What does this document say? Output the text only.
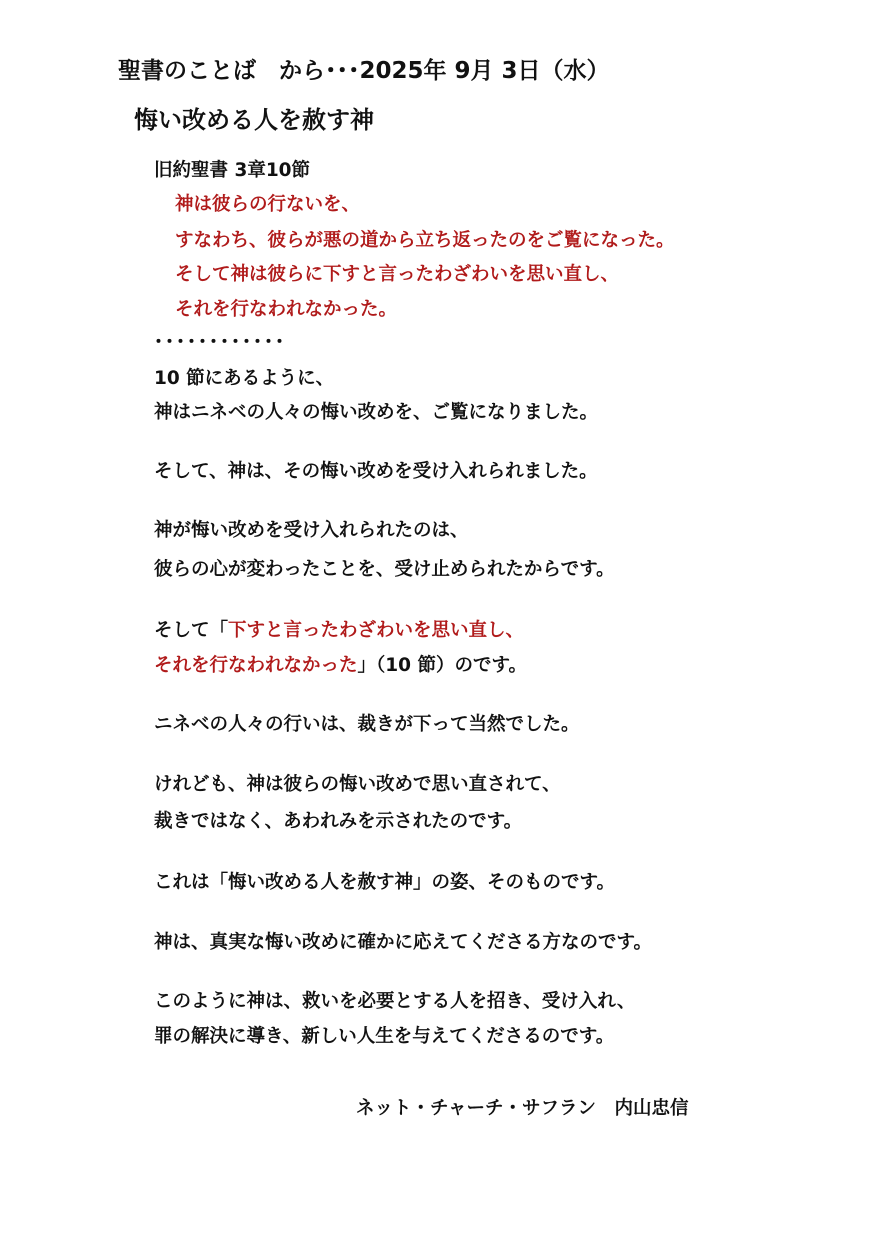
聖書のことば　から･･･2025年 9月 3日（水）
悔い改める人を赦す神
旧約聖書 3章10節
神は彼らの行ないを、
すなわち、彼らが悪の道から立ち返ったのをご覧になった。
そして神は彼らに下すと言ったわざわいを思い直し、
それを行なわれなかった。
････････････
10 節にあるように、
神はニネベの人々の悔い改めを、ご覧になりました。
そして、神は、その悔い改めを受け入れられました。
神が悔い改めを受け入れられたのは、
彼らの心が変わったことを、受け止められたからです。
そして「下すと言ったわざわいを思い直し、
それを行なわれなかった」（10 節）のです。
ニネベの人々の行いは、裁きが下って当然でした。
けれども、神は彼らの悔い改めで思い直されて、
裁きではなく、あわれみを示されたのです。
これは「悔い改める人を赦す神」の姿、そのものです。
神は、真実な悔い改めに確かに応えてくださる方なのです。
このように神は、救いを必要とする人を招き、受け入れ、
罪の解決に導き、新しい人生を与えてくださるのです。
ネット・チャーチ・サフラン　内山忠信
